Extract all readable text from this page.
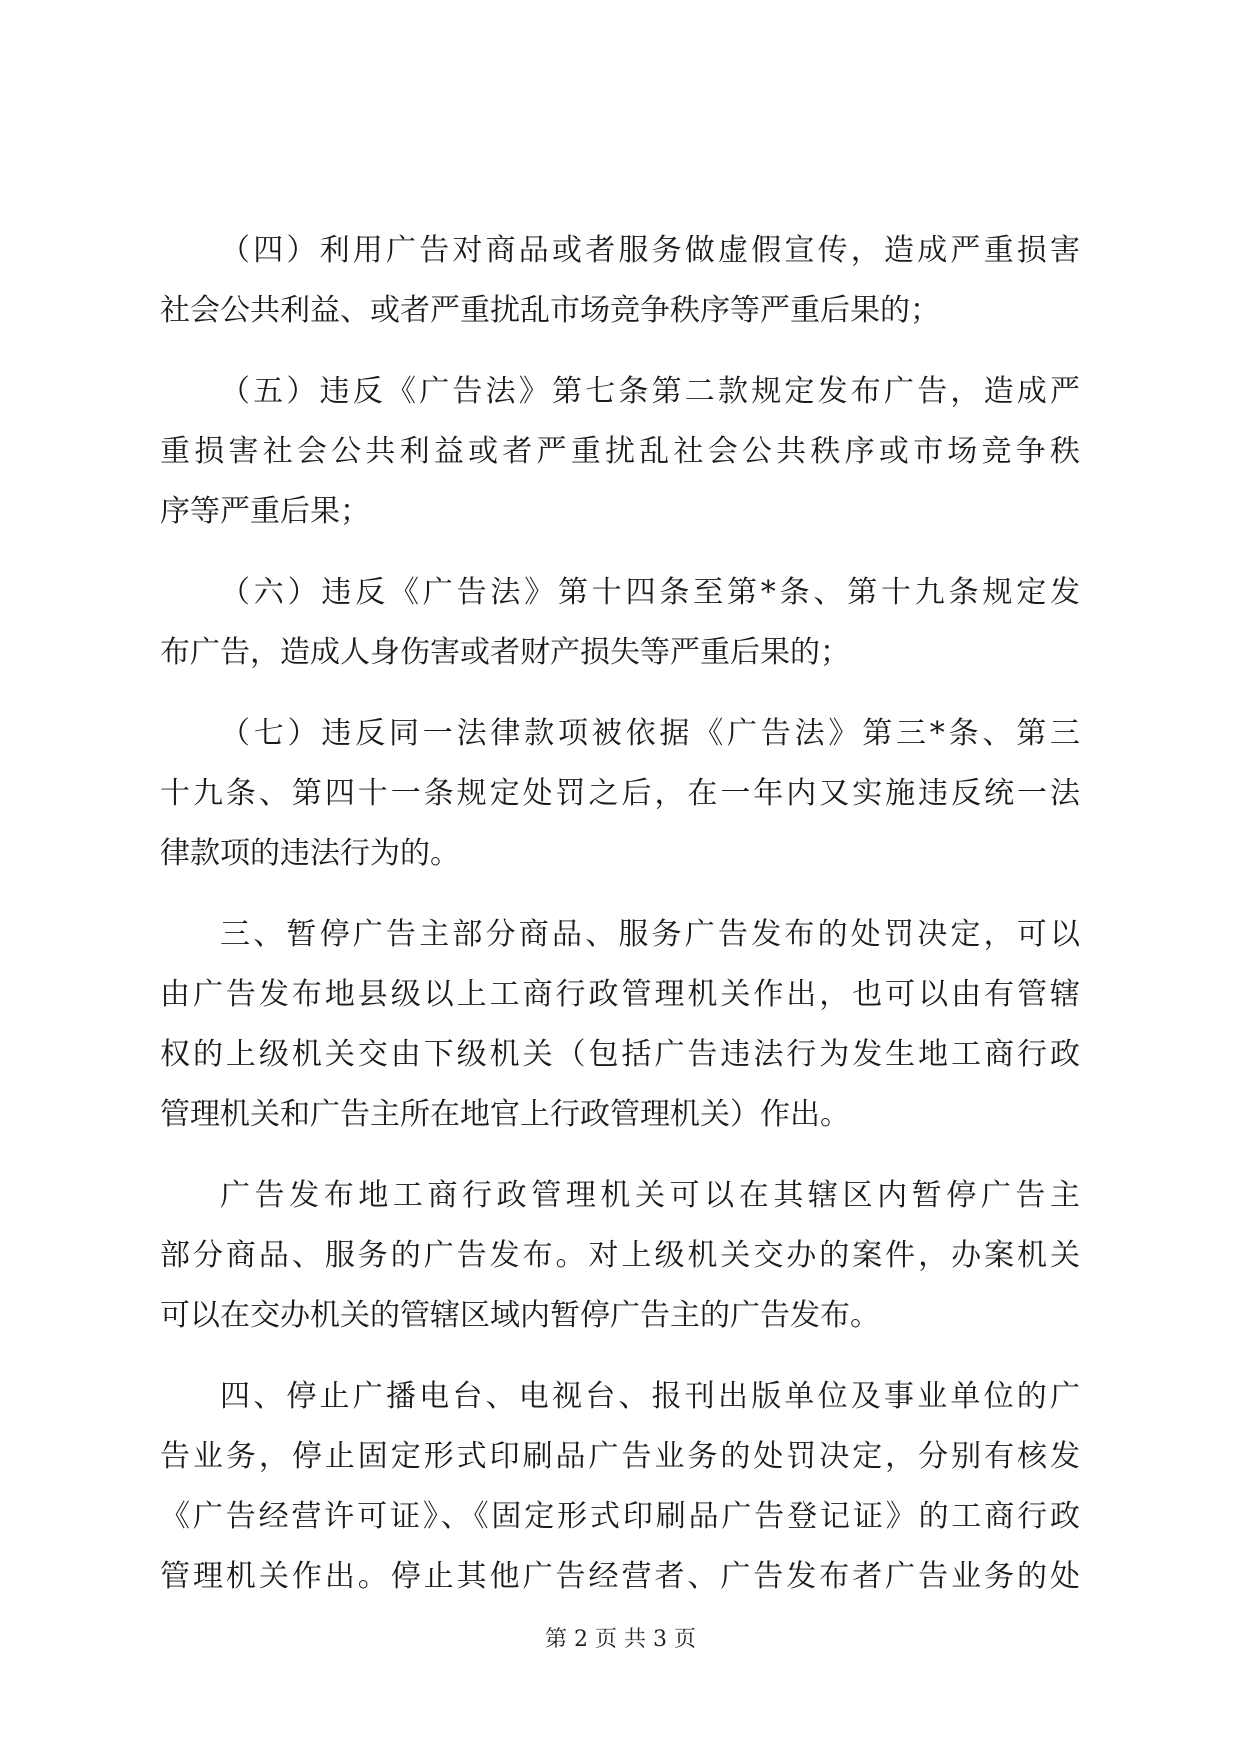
（四）利用广告对商品或者服务做虚假宣传，造成严重损害
社会公共利益、或者严重扰乱市场竞争秩序等严重后果的；
（五）违反《广告法》第七条第二款规定发布广告，造成严
重损害社会公共利益或者严重扰乱社会公共秩序或市场竞争秩
序等严重后果；
（六）违反《广告法》第十四条至第*条、第十九条规定发
布广告，造成人身伤害或者财产损失等严重后果的；
（七）违反同一法律款项被依据《广告法》第三*条、第三
十九条、第四十一条规定处罚之后，在一年内又实施违反统一法
律款项的违法行为的。
三、暂停广告主部分商品、服务广告发布的处罚决定，可以
由广告发布地县级以上工商行政管理机关作出，也可以由有管辖
权的上级机关交由下级机关（包括广告违法行为发生地工商行政
管理机关和广告主所在地官上行政管理机关）作出。
广告发布地工商行政管理机关可以在其辖区内暂停广告主
部分商品、服务的广告发布。对上级机关交办的案件，办案机关
可以在交办机关的管辖区域内暂停广告主的广告发布。
四、停止广播电台、电视台、报刊出版单位及事业单位的广
告业务，停止固定形式印刷品广告业务的处罚决定，分别有核发
《广告经营许可证》、《固定形式印刷品广告登记证》的工商行政
管理机关作出。停止其他广告经营者、广告发布者广告业务的处
第 2 页 共 3 页
